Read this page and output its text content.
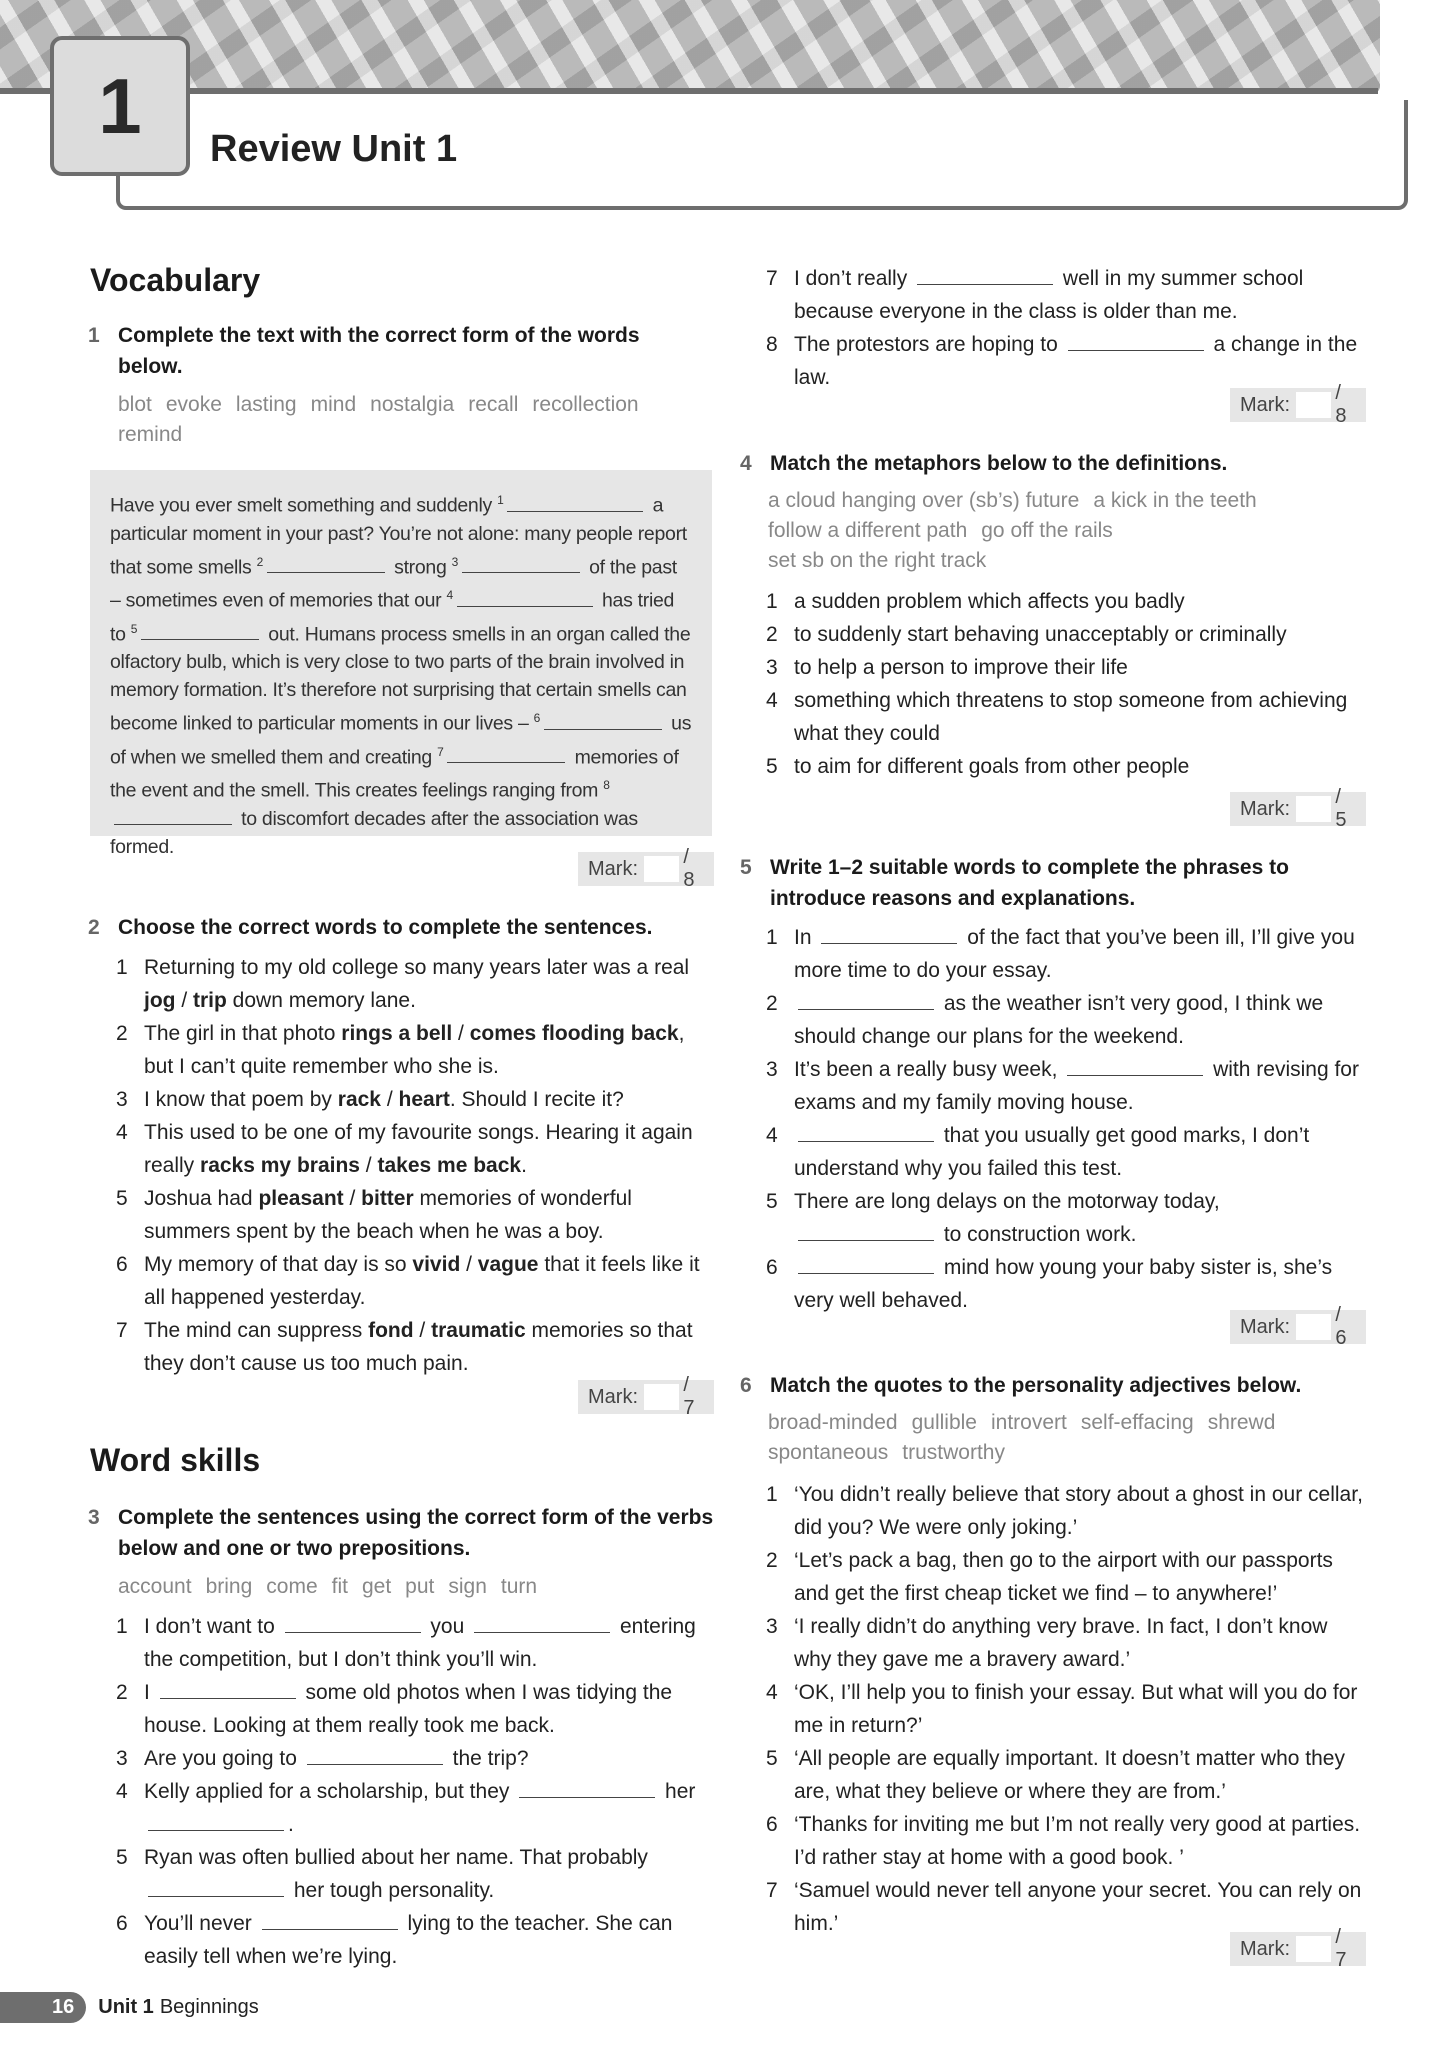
1 Review Unit 1
Vocabulary
1 Complete the text with the correct form of the words below.
blot evoke lasting mind nostalgia recall recollection
remind
Have you ever smelt something and suddenly $^1$	a particular moment in your past? You’re not alone: many people report that some smells $^2$	strong $^3$	of the past – sometimes even of memories that our $^4$	has tried to $^5$	out. Humans process smells in an organ called the olfactory bulb, which is very close to two parts of the brain involved in memory formation. It’s therefore not surprising that certain smells can become linked to particular moments in our lives – $^6$	us of when we smelled them and creating $^7$	memories of the event and the smell. This creates feelings ranging from $^8$ to discomfort decades after the association was formed.
Mark:
/ 8
2 Choose the correct words to complete the sentences.
1 Returning to my old college so many years later was a real jog / trip down memory lane.
2 The girl in that photo rings a bell / comes flooding back, but I can’t quite remember who she is.
3 I know that poem by rack / heart. Should I recite it?
4 This used to be one of my favourite songs. Hearing it again really racks my brains / takes me back.
5 Joshua had pleasant / bitter memories of wonderful summers spent by the beach when he was a boy.
6 My memory of that day is so vivid / vague that it feels like it all happened yesterday.
7 The mind can suppress fond / traumatic memories so that they don’t cause us too much pain.
Mark:
/ 7
Word skills
3 Complete the sentences using the correct form of the verbs below and one or two prepositions.
account bring come fit get put sign turn
1 I don’t want to	you	entering the competition, but I don’t think you’ll win.
2 I	some old photos when I was tidying the house. Looking at them really took me back.
3 Are you going to	the trip?
4 Kelly applied for a scholarship, but they	her
.
5 Ryan was often bullied about her name. That probably  her tough personality.
6 You’ll never	lying to the teacher. She can easily tell when we’re lying.
16	Unit 1 Beginnings
7 I don’t really	well in my summer school because everyone in the class is older than me.
8 The protestors are hoping to	a change in the law.
Mark:
/ 8
4 Match the metaphors below to the definitions.
a cloud hanging over (sb’s) future a kick in the teeth
follow a different path go off the rails
set sb on the right track
1 a sudden problem which affects you badly
2 to suddenly start behaving unacceptably or criminally
3 to help a person to improve their life
4 something which threatens to stop someone from achieving what they could
5 to aim for different goals from other people
Mark:
/ 5
5 Write 1–2 suitable words to complete the phrases to introduce reasons and explanations.
1 In	of the fact that you’ve been ill, I’ll give you more time to do your essay.
2	as the weather isn’t very good, I think we should change our plans for the weekend.
3 It’s been a really busy week,	with revising for exams and my family moving house.
4	that you usually get good marks, I don’t understand why you failed this test.
5 There are long delays on the motorway today,
to construction work.
6	mind how young your baby sister is, she’s very well behaved.
Mark:
/ 6
6 Match the quotes to the personality adjectives below.
broad-minded gullible introvert self-effacing shrewd
spontaneous trustworthy
1 ‘You didn’t really believe that story about a ghost in our cellar, did you? We were only joking.’
2 ‘Let’s pack a bag, then go to the airport with our passports and get the first cheap ticket we find – to anywhere!’
3 ‘I really didn’t do anything very brave. In fact, I don’t know why they gave me a bravery award.’
4 ‘OK, I’ll help you to finish your essay. But what will you do for me in return?’
5 ‘All people are equally important. It doesn’t matter who they are, what they believe or where they are from.’
6 ‘Thanks for inviting me but I’m not really very good at parties. I’d rather stay at home with a good book. ’
7 ‘Samuel would never tell anyone your secret. You can rely on him.’
Mark:
/ 7
